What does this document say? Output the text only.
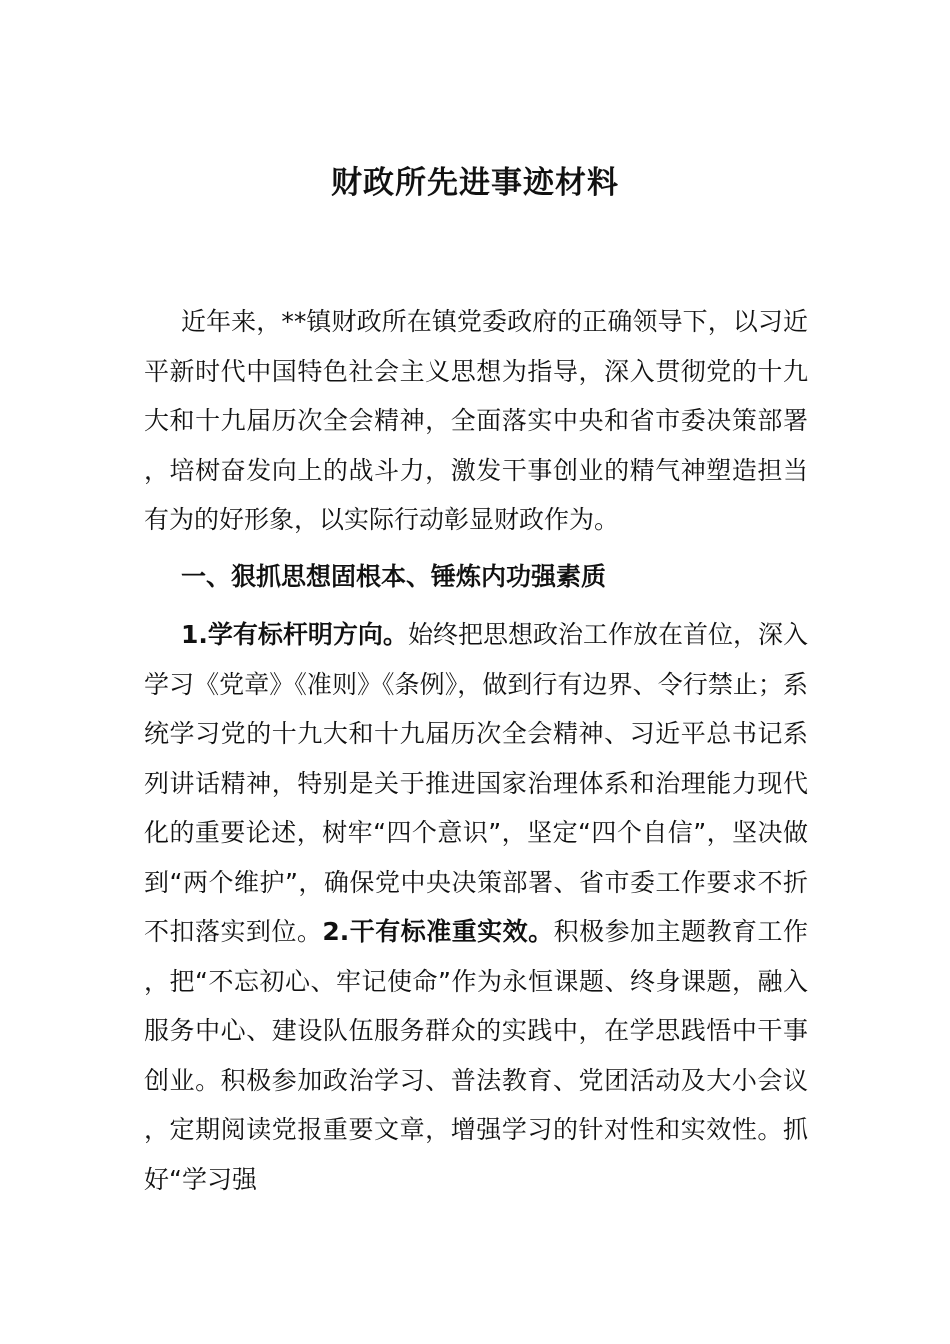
财政所先进事迹材料

近年来，**镇财政所在镇党委政府的正确领导下，以习近平新时代中国特色社会主义思想为指导，深入贯彻党的十九大和十九届历次全会精神，全面落实中央和省市委决策部署，培树奋发向上的战斗力，激发干事创业的精气神塑造担当有为的好形象，以实际行动彰显财政作为。

一、狠抓思想固根本、锤炼内功强素质

1.学有标杆明方向。始终把思想政治工作放在首位，深入学习《党章》《准则》《条例》，做到行有边界、令行禁止；系统学习党的十九大和十九届历次全会精神、习近平总书记系列讲话精神，特别是关于推进国家治理体系和治理能力现代化的重要论述，树牢“四个意识”，坚定“四个自信”，坚决做到“两个维护”，确保党中央决策部署、省市委工作要求不折不扣落实到位。2.干有标准重实效。积极参加主题教育工作，把“不忘初心、牢记使命”作为永恒课题、终身课题，融入服务中心、建设队伍服务群众的实践中，在学思践悟中干事创业。积极参加政治学习、普法教育、党团活动及大小会议，定期阅读党报重要文章，增强学习的针对性和实效性。抓好“学习强
